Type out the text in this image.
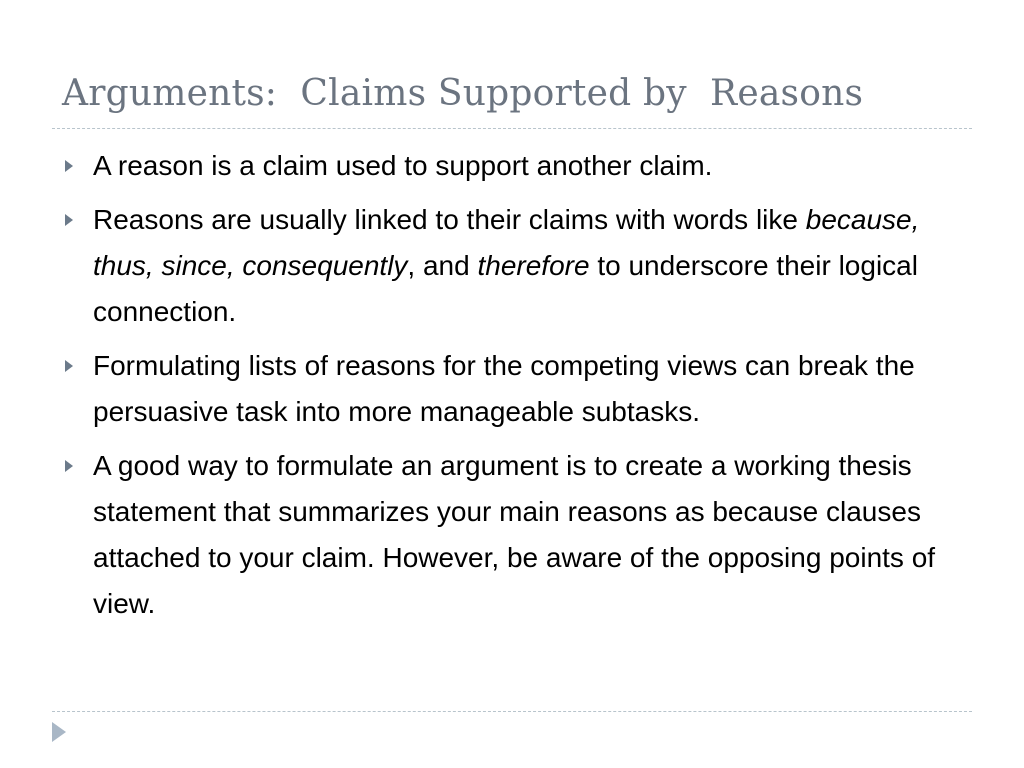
Arguments:  Claims Supported by  Reasons
A reason is a claim used to support another claim.
Reasons are usually linked to their claims with words like because, thus, since, consequently, and therefore to underscore their logical connection.
Formulating lists of reasons for the competing views can break the persuasive task into more manageable subtasks.
A good way to formulate an argument is to create a working thesis statement that summarizes your main reasons as because clauses attached to your claim. However, be aware of the opposing points of view.
